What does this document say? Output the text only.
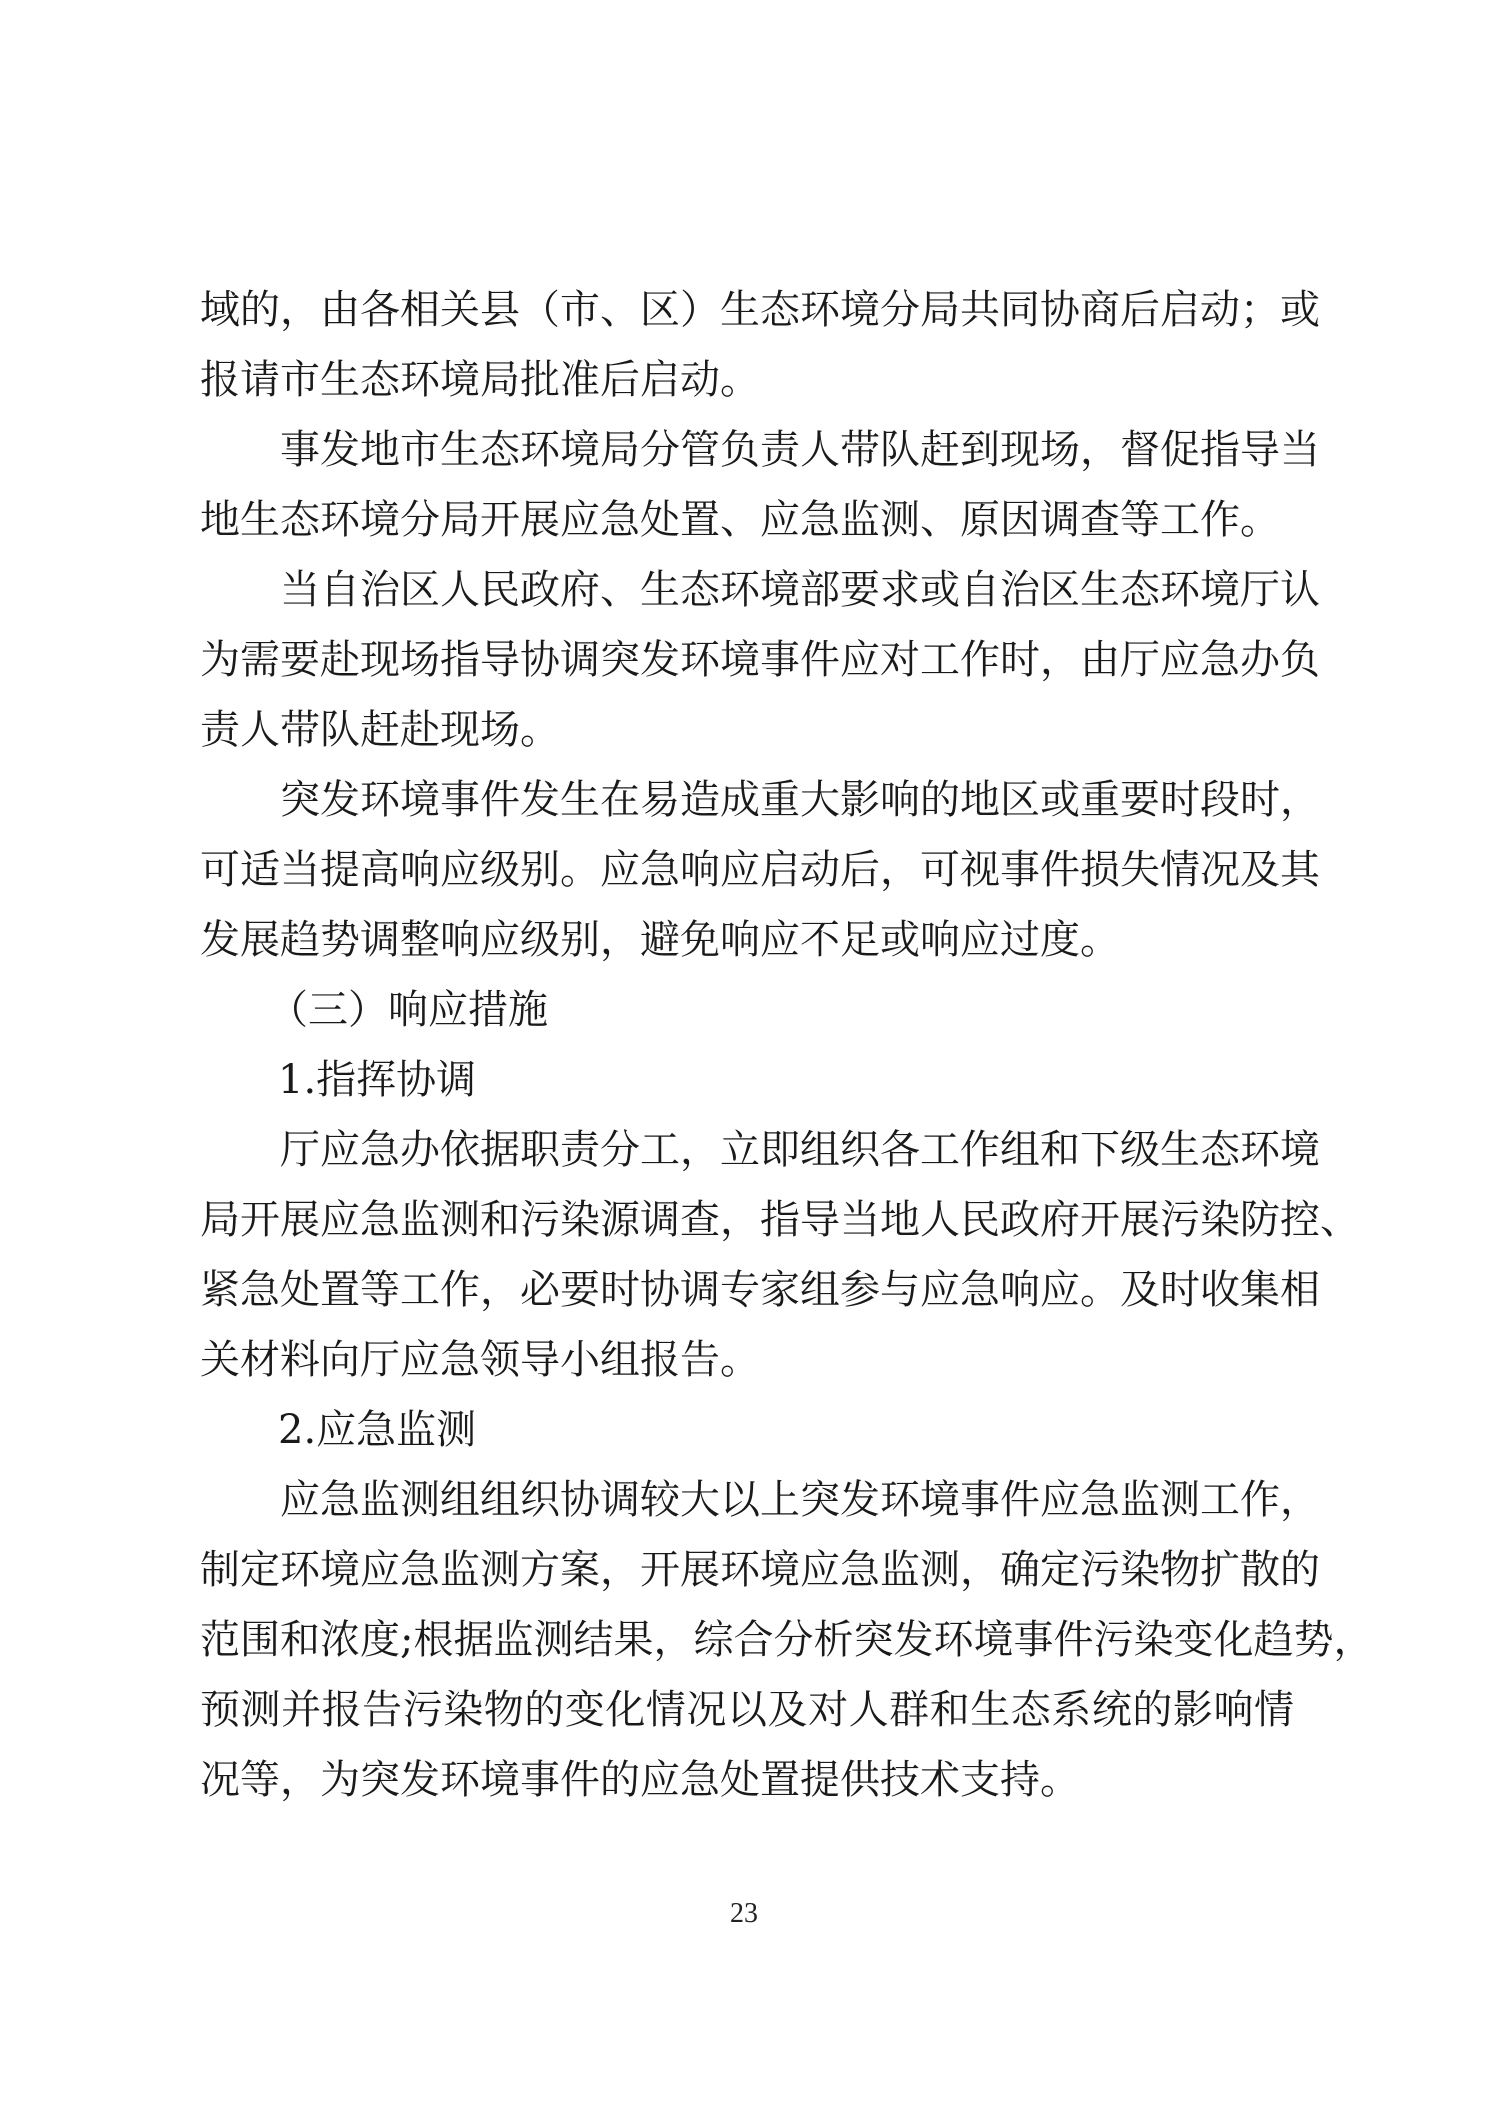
域的，由各相关县（市、区）生态环境分局共同协商后启动；或
报请市生态环境局批准后启动。
事发地市生态环境局分管负责人带队赶到现场，督促指导当
地生态环境分局开展应急处置、应急监测、原因调查等工作。
当自治区人民政府、生态环境部要求或自治区生态环境厅认
为需要赴现场指导协调突发环境事件应对工作时，由厅应急办负
责人带队赶赴现场。
突发环境事件发生在易造成重大影响的地区或重要时段时，
可适当提高响应级别。应急响应启动后，可视事件损失情况及其
发展趋势调整响应级别，避免响应不足或响应过度。
（三）响应措施
1.指挥协调
厅应急办依据职责分工，立即组织各工作组和下级生态环境
局开展应急监测和污染源调查，指导当地人民政府开展污染防控、
紧急处置等工作，必要时协调专家组参与应急响应。及时收集相
关材料向厅应急领导小组报告。
2.应急监测
应急监测组组织协调较大以上突发环境事件应急监测工作，
制定环境应急监测方案，开展环境应急监测，确定污染物扩散的
范围和浓度;根据监测结果，综合分析突发环境事件污染变化趋势，
预测并报告污染物的变化情况以及对人群和生态系统的影响情
况等，为突发环境事件的应急处置提供技术支持。
23
